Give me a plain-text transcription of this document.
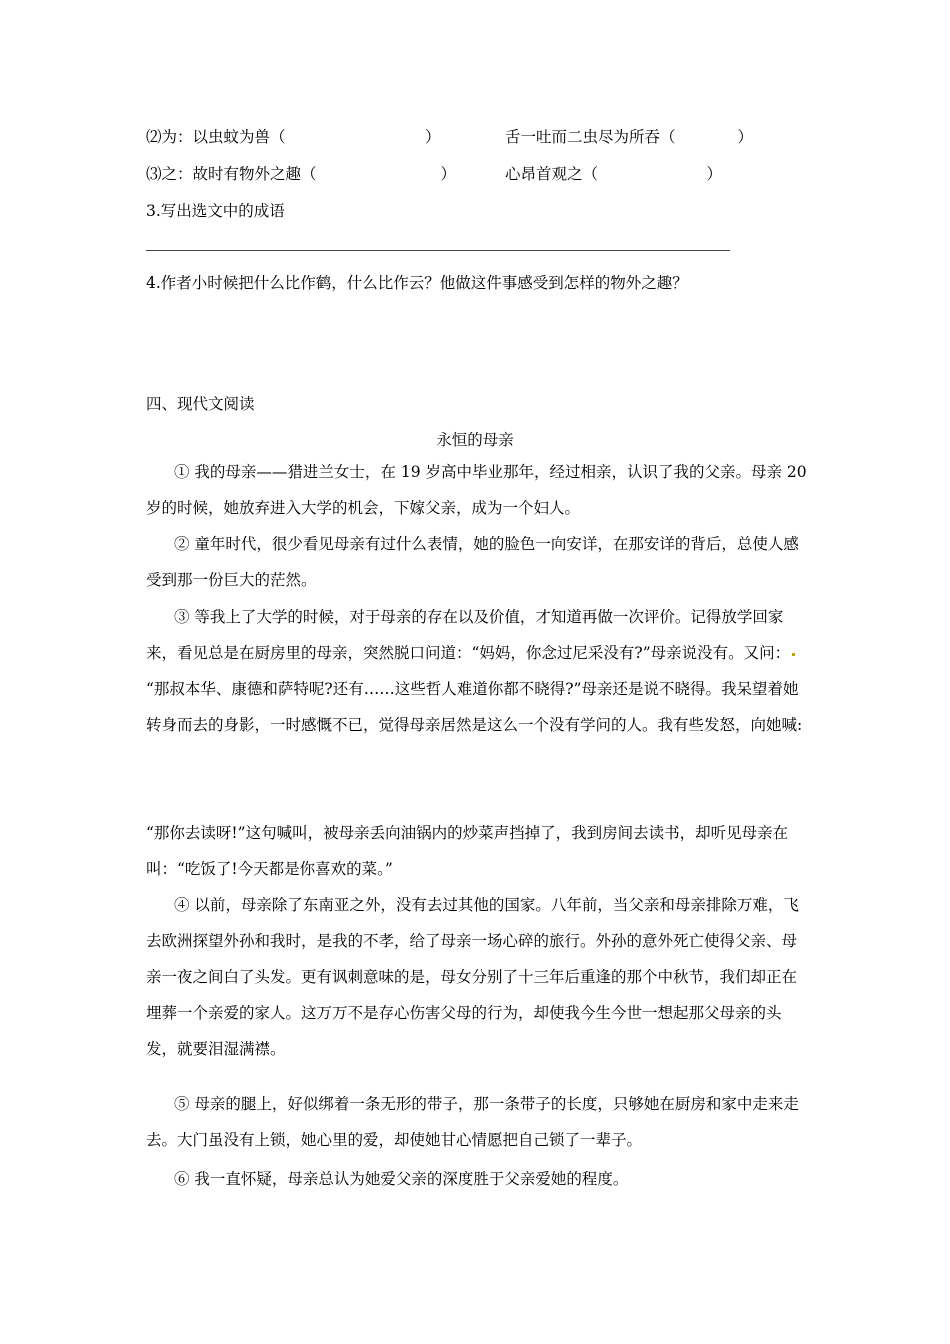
⑵为：以虫蚊为兽（　　　　　　　　　）	舌一吐而二虫尽为所吞（　　　　）
⑶之：故时有物外之趣（　　　　　　　　）	心昂首观之（　　　　　　　）
3.写出选文中的成语
4.作者小时候把什么比作鹤，什么比作云？他做这件事感受到怎样的物外之趣？
四、现代文阅读
永恒的母亲
① 我的母亲——猎进兰女士，在 19 岁高中毕业那年，经过相亲，认识了我的父亲。母亲 20 岁的时候，她放弃进入大学的机会，下嫁父亲，成为一个妇人。
② 童年时代，很少看见母亲有过什么表情，她的脸色一向安详，在那安详的背后，总使人感受到那一份巨大的茫然。
③ 等我上了大学的时候，对于母亲的存在以及价值，才知道再做一次评价。记得放学回家来，看见总是在厨房里的母亲，突然脱口问道：“妈妈，你念过尼采没有?”母亲说没有。又问：“那叔本华、康德和萨特呢?还有……这些哲人难道你都不晓得?”母亲还是说不晓得。我呆望着她转身而去的身影，一时感慨不已，觉得母亲居然是这么一个没有学问的人。我有些发怒，向她喊:
“那你去读呀!”这句喊叫，被母亲丢向油锅内的炒菜声挡掉了，我到房间去读书，却听见母亲在叫：“吃饭了!今天都是你喜欢的菜。”
④ 以前，母亲除了东南亚之外，没有去过其他的国家。八年前，当父亲和母亲排除万难，飞去欧洲探望外孙和我时，是我的不孝，给了母亲一场心碎的旅行。外孙的意外死亡使得父亲、母亲一夜之间白了头发。更有讽刺意味的是，母女分别了十三年后重逢的那个中秋节，我们却正在埋葬一个亲爱的家人。这万万不是存心伤害父母的行为，却使我今生今世一想起那父母亲的头发，就要泪湿满襟。
⑤ 母亲的腿上，好似绑着一条无形的带子，那一条带子的长度，只够她在厨房和家中走来走去。大门虽没有上锁，她心里的爱，却使她甘心情愿把自己锁了一辈子。
⑥ 我一直怀疑，母亲总认为她爱父亲的深度胜于父亲爱她的程度。
